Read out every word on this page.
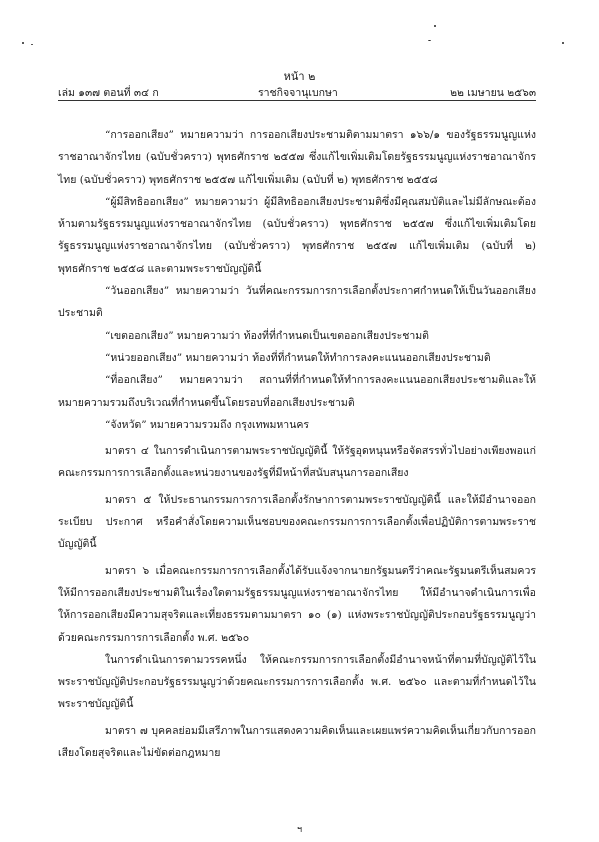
หน้า ๒
เล่ม ๑๓๗ ตอนที่ ๓๔ ก	ราชกิจจานุเบกษา	๒๒ เมษายน ๒๕๖๓

“การออกเสียง” หมายความว่า การออกเสียงประชามติตามมาตรา ๑๖๖/๑ ของรัฐธรรมนูญแห่งราชอาณาจักรไทย (ฉบับชั่วคราว) พุทธศักราช ๒๕๕๗ ซึ่งแก้ไขเพิ่มเติมโดยรัฐธรรมนูญแห่งราชอาณาจักรไทย (ฉบับชั่วคราว) พุทธศักราช ๒๕๕๗ แก้ไขเพิ่มเติม (ฉบับที่ ๒) พุทธศักราช ๒๕๕๘

“ผู้มีสิทธิออกเสียง” หมายความว่า ผู้มีสิทธิออกเสียงประชามติซึ่งมีคุณสมบัติและไม่มีลักษณะต้องห้ามตามรัฐธรรมนูญแห่งราชอาณาจักรไทย (ฉบับชั่วคราว) พุทธศักราช ๒๕๕๗ ซึ่งแก้ไขเพิ่มเติมโดยรัฐธรรมนูญแห่งราชอาณาจักรไทย (ฉบับชั่วคราว) พุทธศักราช ๒๕๕๗ แก้ไขเพิ่มเติม (ฉบับที่ ๒) พุทธศักราช ๒๕๕๘ และตามพระราชบัญญัตินี้

“วันออกเสียง” หมายความว่า วันที่คณะกรรมการการเลือกตั้งประกาศกำหนดให้เป็นวันออกเสียงประชามติ

“เขตออกเสียง” หมายความว่า ท้องที่ที่กำหนดเป็นเขตออกเสียงประชามติ

“หน่วยออกเสียง” หมายความว่า ท้องที่ที่กำหนดให้ทำการลงคะแนนออกเสียงประชามติ

“ที่ออกเสียง” หมายความว่า สถานที่ที่กำหนดให้ทำการลงคะแนนออกเสียงประชามติและให้หมายความรวมถึงบริเวณที่กำหนดขึ้นโดยรอบที่ออกเสียงประชามติ

“จังหวัด” หมายความรวมถึง กรุงเทพมหานคร

มาตรา ๔ ในการดำเนินการตามพระราชบัญญัตินี้ ให้รัฐอุดหนุนหรือจัดสรรทั่วไปอย่างเพียงพอแก่คณะกรรมการการเลือกตั้งและหน่วยงานของรัฐที่มีหน้าที่สนับสนุนการออกเสียง

มาตรา ๕ ให้ประธานกรรมการการเลือกตั้งรักษาการตามพระราชบัญญัตินี้ และให้มีอำนาจออกระเบียบ ประกาศ หรือคำสั่งโดยความเห็นชอบของคณะกรรมการการเลือกตั้งเพื่อปฏิบัติการตามพระราชบัญญัตินี้

มาตรา ๖ เมื่อคณะกรรมการการเลือกตั้งได้รับแจ้งจากนายกรัฐมนตรีว่าคณะรัฐมนตรีเห็นสมควรให้มีการออกเสียงประชามติในเรื่องใดตามรัฐธรรมนูญแห่งราชอาณาจักรไทย ให้มีอำนาจดำเนินการเพื่อให้การออกเสียงมีความสุจริตและเที่ยงธรรมตามมาตรา ๑๐ (๑) แห่งพระราชบัญญัติประกอบรัฐธรรมนูญว่าด้วยคณะกรรมการการเลือกตั้ง พ.ศ. ๒๕๖๐

ในการดำเนินการตามวรรคหนึ่ง ให้คณะกรรมการการเลือกตั้งมีอำนาจหน้าที่ตามที่บัญญัติไว้ในพระราชบัญญัติประกอบรัฐธรรมนูญว่าด้วยคณะกรรมการการเลือกตั้ง พ.ศ. ๒๕๖๐ และตามที่กำหนดไว้ในพระราชบัญญัตินี้

มาตรา ๗ บุคคลย่อมมีเสรีภาพในการแสดงความคิดเห็นและเผยแพร่ความคิดเห็นเกี่ยวกับการออกเสียงโดยสุจริตและไม่ขัดต่อกฎหมาย

ฯ
